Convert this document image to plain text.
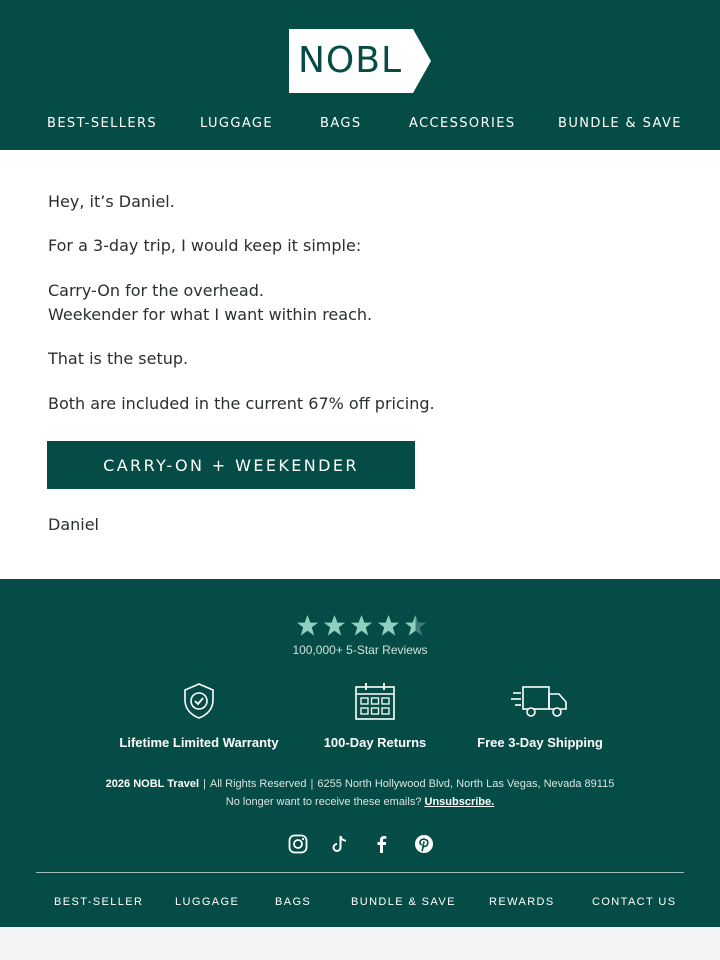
NOBL
BEST-SELLERS	LUGGAGE	BAGS	ACCESSORIES	BUNDLE & SAVE

Hey, it’s Daniel.

For a 3-day trip, I would keep it simple:

Carry-On for the overhead.

Weekender for what I want within reach.

That is the setup.

Both are included in the current 67% off pricing.

CARRY-ON + WEEKENDER

Daniel

100,000+ 5-Star Reviews
Lifetime Limited Warranty	100-Day Returns	Free 3-Day Shipping
2026 NOBL Travel | All Rights Reserved | 6255 North Hollywood Blvd, North Las Vegas, Nevada 89115
No longer want to receive these emails? Unsubscribe.
BEST-SELLER	LUGGAGE	BAGS	BUNDLE & SAVE	REWARDS	CONTACT US
